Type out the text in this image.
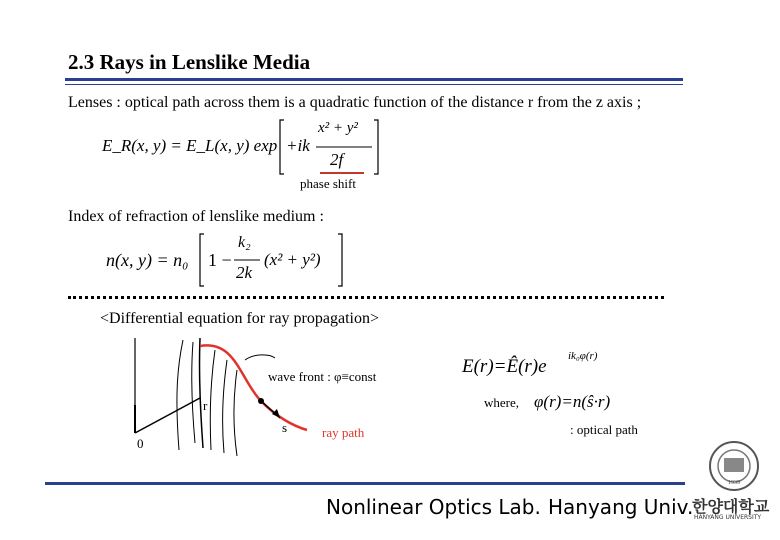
2.3 Rays in Lenslike Media
Lenses : optical path across them is a quadratic function of the distance r from the z axis ;
E_R(x, y) = E_L(x, y) exp +ik
x² + y²
2f
phase shift
Index of refraction of lenslike medium :
n(x, y) = n₀ 1 −
k₂
2k
(x² + y²)
<Differential equation for ray propagation>
wave front : φ≡const
r
s
0
ray path
E(r)=Ê(r)e ik₀φ(r)
where, φ(r)=n(ŝ·r)
: optical path
Nonlinear Optics Lab. Hanyang Univ.
1939
한양대학교
HANYANG UNIVERSITY
